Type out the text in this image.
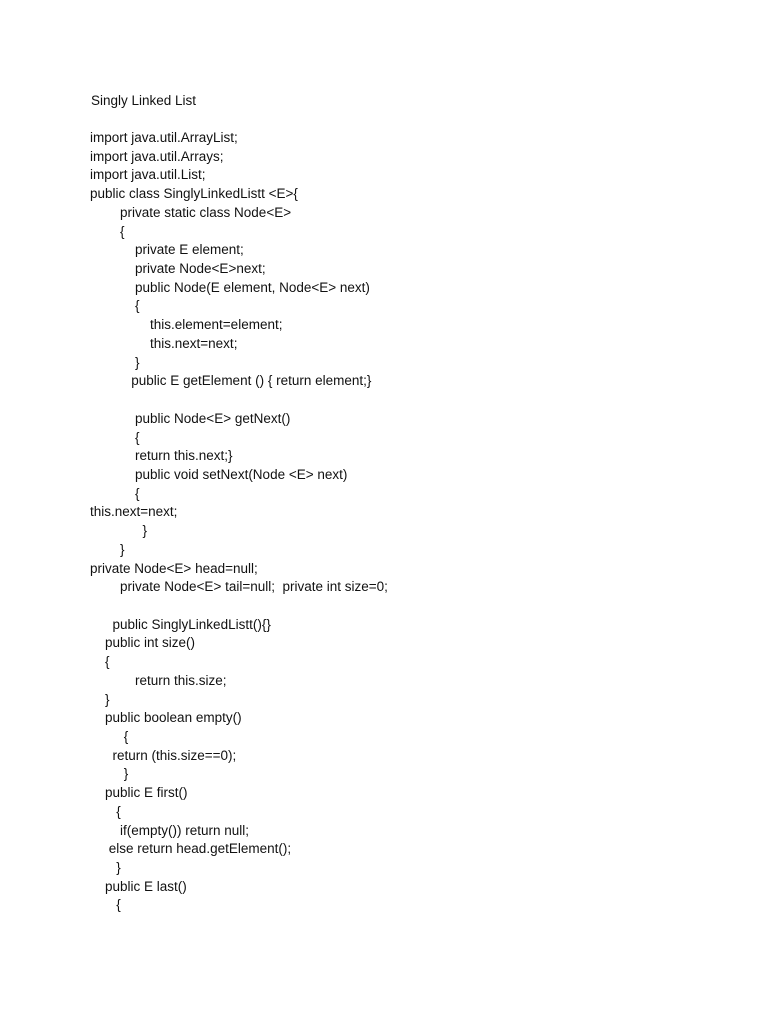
Singly Linked List
import java.util.ArrayList;
import java.util.Arrays;
import java.util.List;
public class SinglyLinkedListt <E>{
private static class Node<E>
{
private E element;
private Node<E>next;
public Node(E element, Node<E> next)
{
this.element=element;
this.next=next;
}
public E getElement () { return element;}
public Node<E> getNext()
{
return this.next;}
public void setNext(Node <E> next)
{
this.next=next;
}
}
private Node<E> head=null;
private Node<E> tail=null;  private int size=0;
public SinglyLinkedListt(){}
public int size()
{
return this.size;
}
public boolean empty()
{
return (this.size==0);
}
public E first()
{
if(empty()) return null;
else return head.getElement();
}
public E last()
{
